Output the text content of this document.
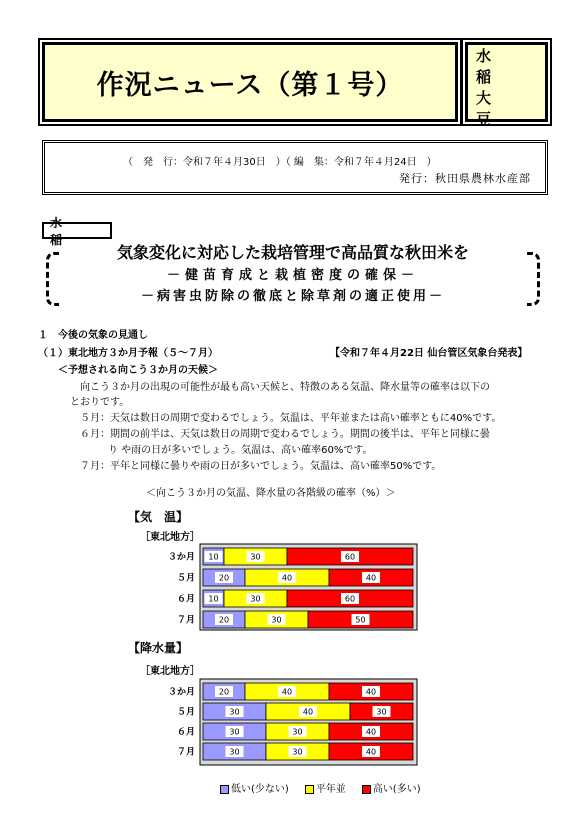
作況ニュース（第１号）
水　稲
大　豆
（　発　行：令和７年４月30日　）（ 編　集：令和７年４月24日　）
発行：秋田県農林水産部
水　稲
気象変化に対応した栽培管理で高品質な秋田米を
－健苗育成と栽植密度の確保－
－病害虫防除の徹底と除草剤の適正使用－
１　今後の気象の見通し
（１）東北地方３か月予報（５～７月）	【令和７年４月22日 仙台管区気象台発表】
＜予想される向こう３か月の天候＞
向こう３か月の出現の可能性が最も高い天候と、特徴のある気温、降水量等の確率は以下の
とおりです。
５月：天気は数日の周期で変わるでしょう。気温は、平年並または高い確率ともに40%です。
６月：期間の前半は、天気は数日の周期で変わるでしょう。期間の後半は、平年と同様に曇
り や雨の日が多いでしょう。気温は、高い確率60%です。
７月：平年と同様に曇りや雨の日が多いでしょう。気温は、高い確率50%です。
＜向こう３か月の気温、降水量の各階級の確率（%）＞
【気　温】
［東北地方］
【降水量】
［東北地方］
３か月 10	30	60
５月	20	40	40
６月 10	30	60
７月	20	30	50
３か月	20	40	40
５月	30	40	30
６月	30	30	40
７月	30	30	40
低い(少ない)	平年並	高い(多い)
